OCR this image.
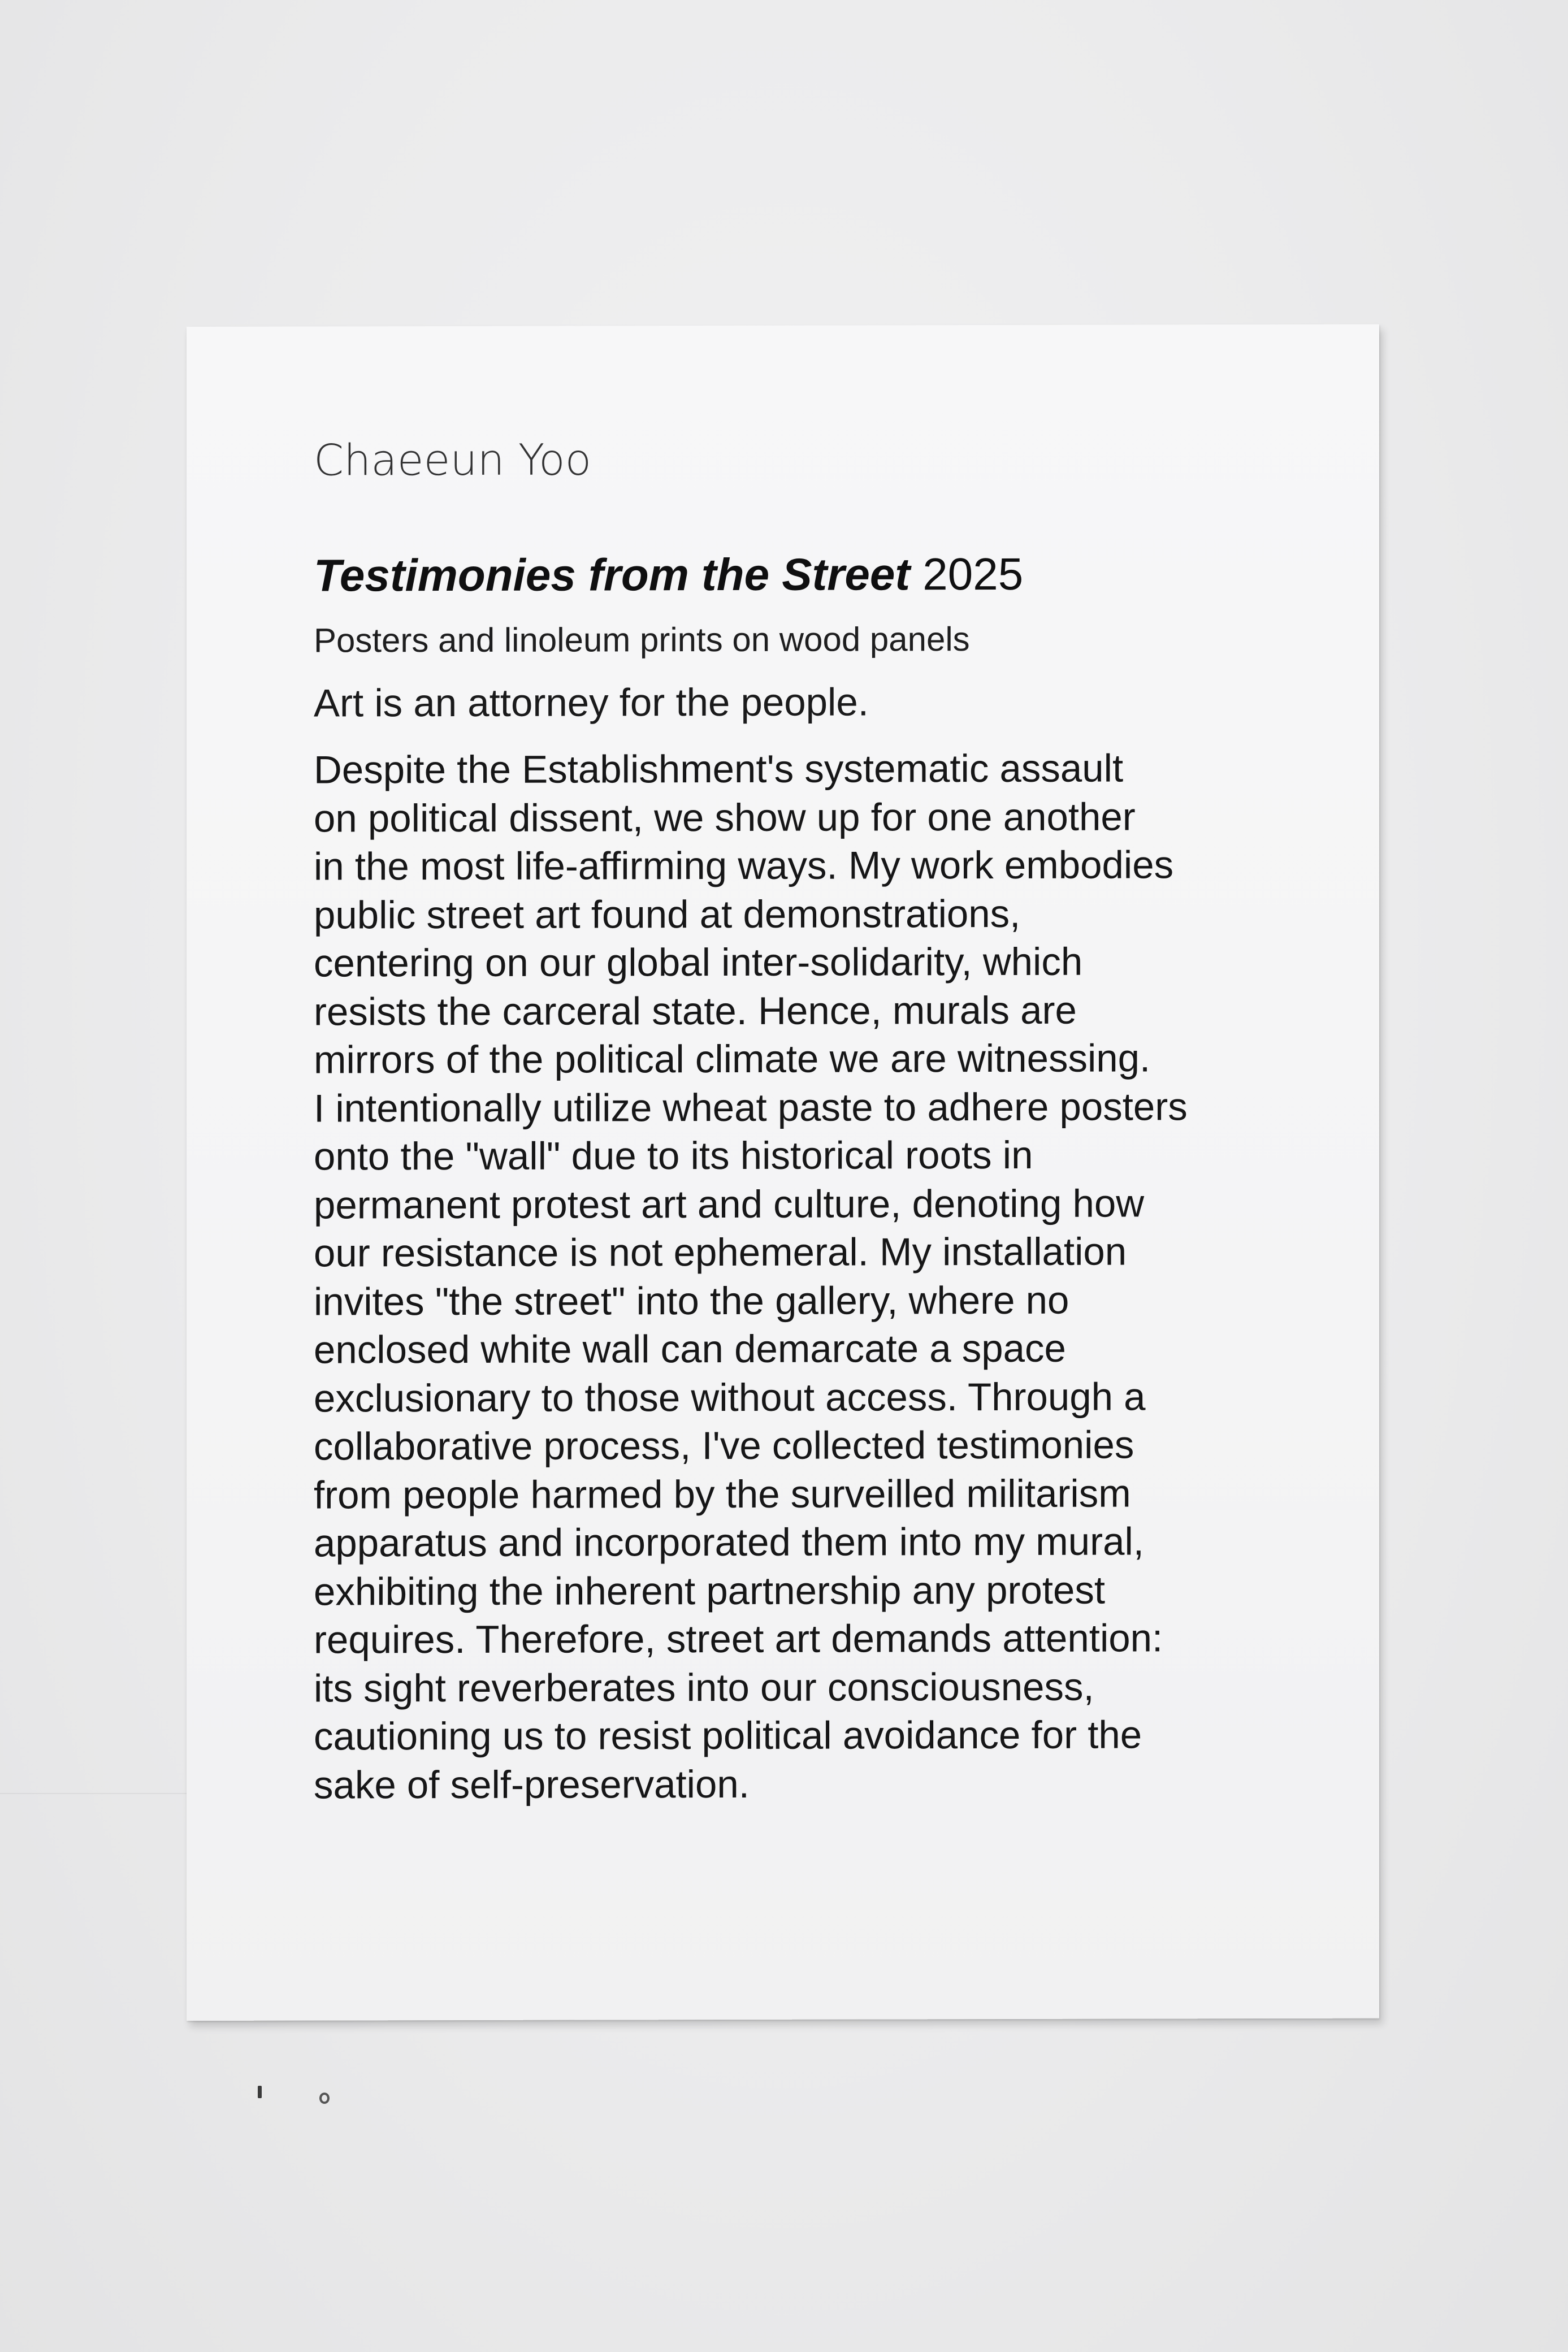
Chaeeun Yoo

Testimonies from the Street 2025

Posters and linoleum prints on wood panels

Art is an attorney for the people.

Despite the Establishment's systematic assault
on political dissent, we show up for one another
in the most life-affirming ways. My work embodies
public street art found at demonstrations,
centering on our global inter-solidarity, which
resists the carceral state. Hence, murals are
mirrors of the political climate we are witnessing.
I intentionally utilize wheat paste to adhere posters
onto the "wall" due to its historical roots in
permanent protest art and culture, denoting how
our resistance is not ephemeral. My installation
invites "the street" into the gallery, where no
enclosed white wall can demarcate a space
exclusionary to those without access. Through a
collaborative process, I've collected testimonies
from people harmed by the surveilled militarism
apparatus and incorporated them into my mural,
exhibiting the inherent partnership any protest
requires. Therefore, street art demands attention:
its sight reverberates into our consciousness,
cautioning us to resist political avoidance for the
sake of self-preservation.
